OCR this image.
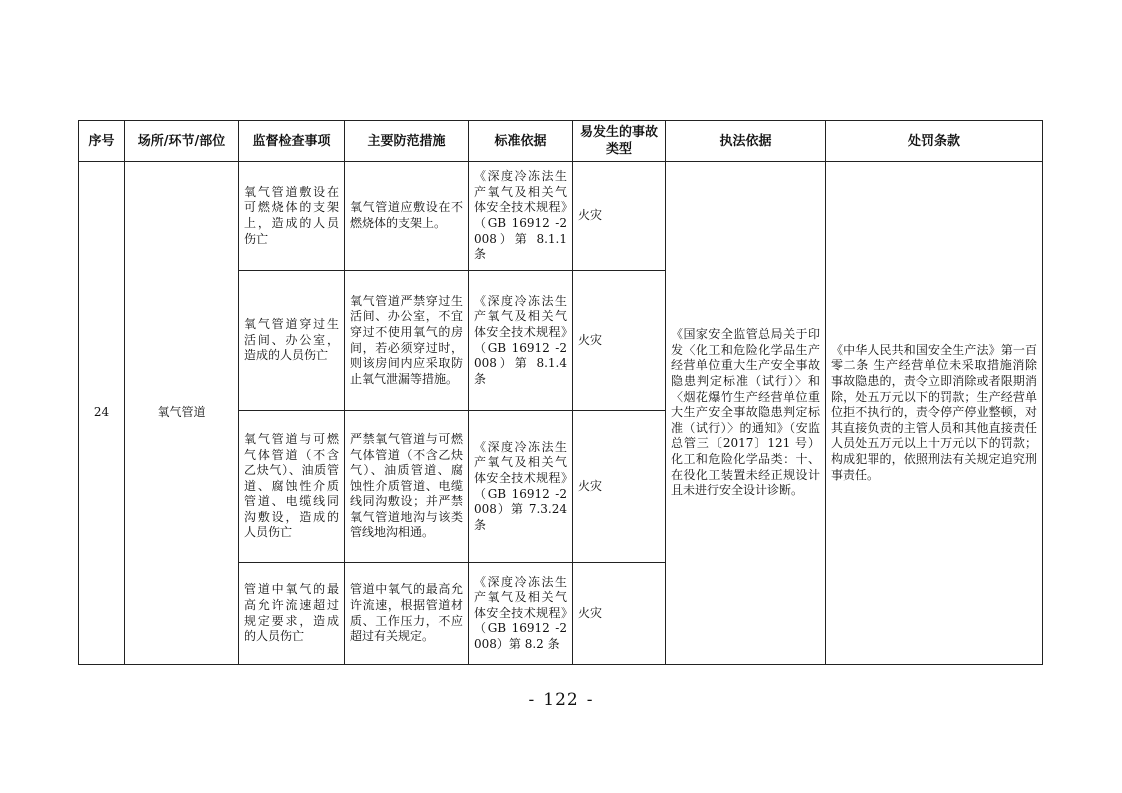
序号	场所/环节/部位	监督检查事项	主要防范措施	标准依据	易发生的事故类型	执法依据	处罚条款
24	氧气管道	氧气管道敷设在可燃烧体的支架上，造成的人员伤亡	氧气管道应敷设在不燃烧体的支架上。	《深度冷冻法生产氧气及相关气体安全技术规程》（GB 16912 -2008）第 8.1.1 条	火灾	《国家安全监管总局关于印发〈化工和危险化学品生产经营单位重大生产安全事故隐患判定标准（试行）〉和〈烟花爆竹生产经营单位重大生产安全事故隐患判定标准（试行）〉的通知》（安监总管三〔2017〕121 号）化工和危险化学品类：十、在役化工装置未经正规设计且未进行安全设计诊断。	《中华人民共和国安全生产法》第一百零二条 生产经营单位未采取措施消除事故隐患的，责令立即消除或者限期消除，处五万元以下的罚款；生产经营单位拒不执行的，责令停产停业整顿，对其直接负责的主管人员和其他直接责任人员处五万元以上十万元以下的罚款；构成犯罪的，依照刑法有关规定追究刑事责任。
		氧气管道穿过生活间、办公室，造成的人员伤亡	氧气管道严禁穿过生活间、办公室，不宜穿过不使用氧气的房间，若必须穿过时，则该房间内应采取防止氧气泄漏等措施。	《深度冷冻法生产氧气及相关气体安全技术规程》（GB 16912 -2008）第 8.1.4 条	火灾		
		氧气管道与可燃气体管道（不含乙炔气）、油质管道、腐蚀性介质管道、电缆线同沟敷设，造成的人员伤亡	严禁氧气管道与可燃气体管道（不含乙炔气）、油质管道、腐蚀性介质管道、电缆线同沟敷设；并严禁氧气管道地沟与该类管线地沟相通。	《深度冷冻法生产氧气及相关气体安全技术规程》（GB 16912 -2008）第 7.3.24 条	火灾		
		管道中氧气的最高允许流速超过规定要求，造成的人员伤亡	管道中氧气的最高允许流速，根据管道材质、工作压力，不应超过有关规定。	《深度冷冻法生产氧气及相关气体安全技术规程》（GB 16912 -2008）第 8.2 条	火灾		
- 122 -
